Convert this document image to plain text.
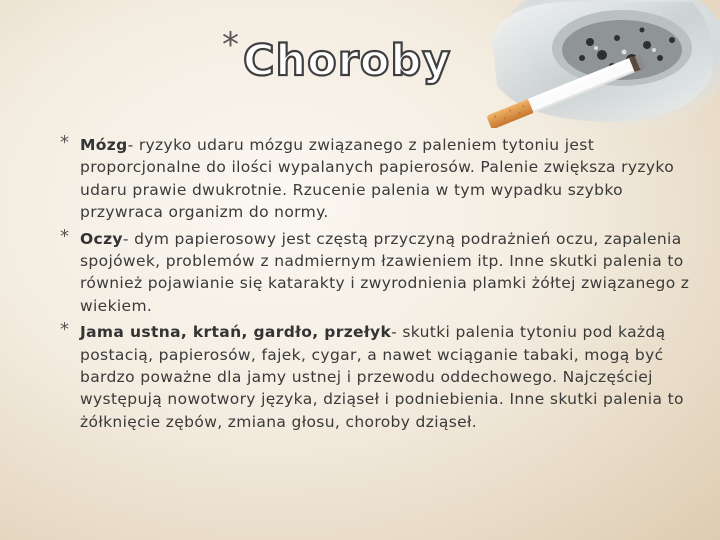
* Choroby
* Mózg- ryzyko udaru mózgu związanego z paleniem tytoniu jest proporcjonalne do ilości wypalanych papierosów. Palenie zwiększa ryzyko udaru prawie dwukrotnie. Rzucenie palenia w tym wypadku szybko przywraca organizm do normy.
* Oczy- dym papierosowy jest częstą przyczyną podrażnień oczu, zapalenia spojówek, problemów z nadmiernym łzawieniem itp. Inne skutki palenia to również pojawianie się katarakty i zwyrodnienia plamki żółtej związanego z wiekiem.
* Jama ustna, krtań, gardło, przełyk- skutki palenia tytoniu pod każdą postacią, papierosów, fajek, cygar, a nawet wciąganie tabaki, mogą być bardzo poważne dla jamy ustnej i przewodu oddechowego. Najczęściej występują nowotwory języka, dziąseł i podniebienia. Inne skutki palenia to żółknięcie zębów, zmiana głosu, choroby dziąseł.
